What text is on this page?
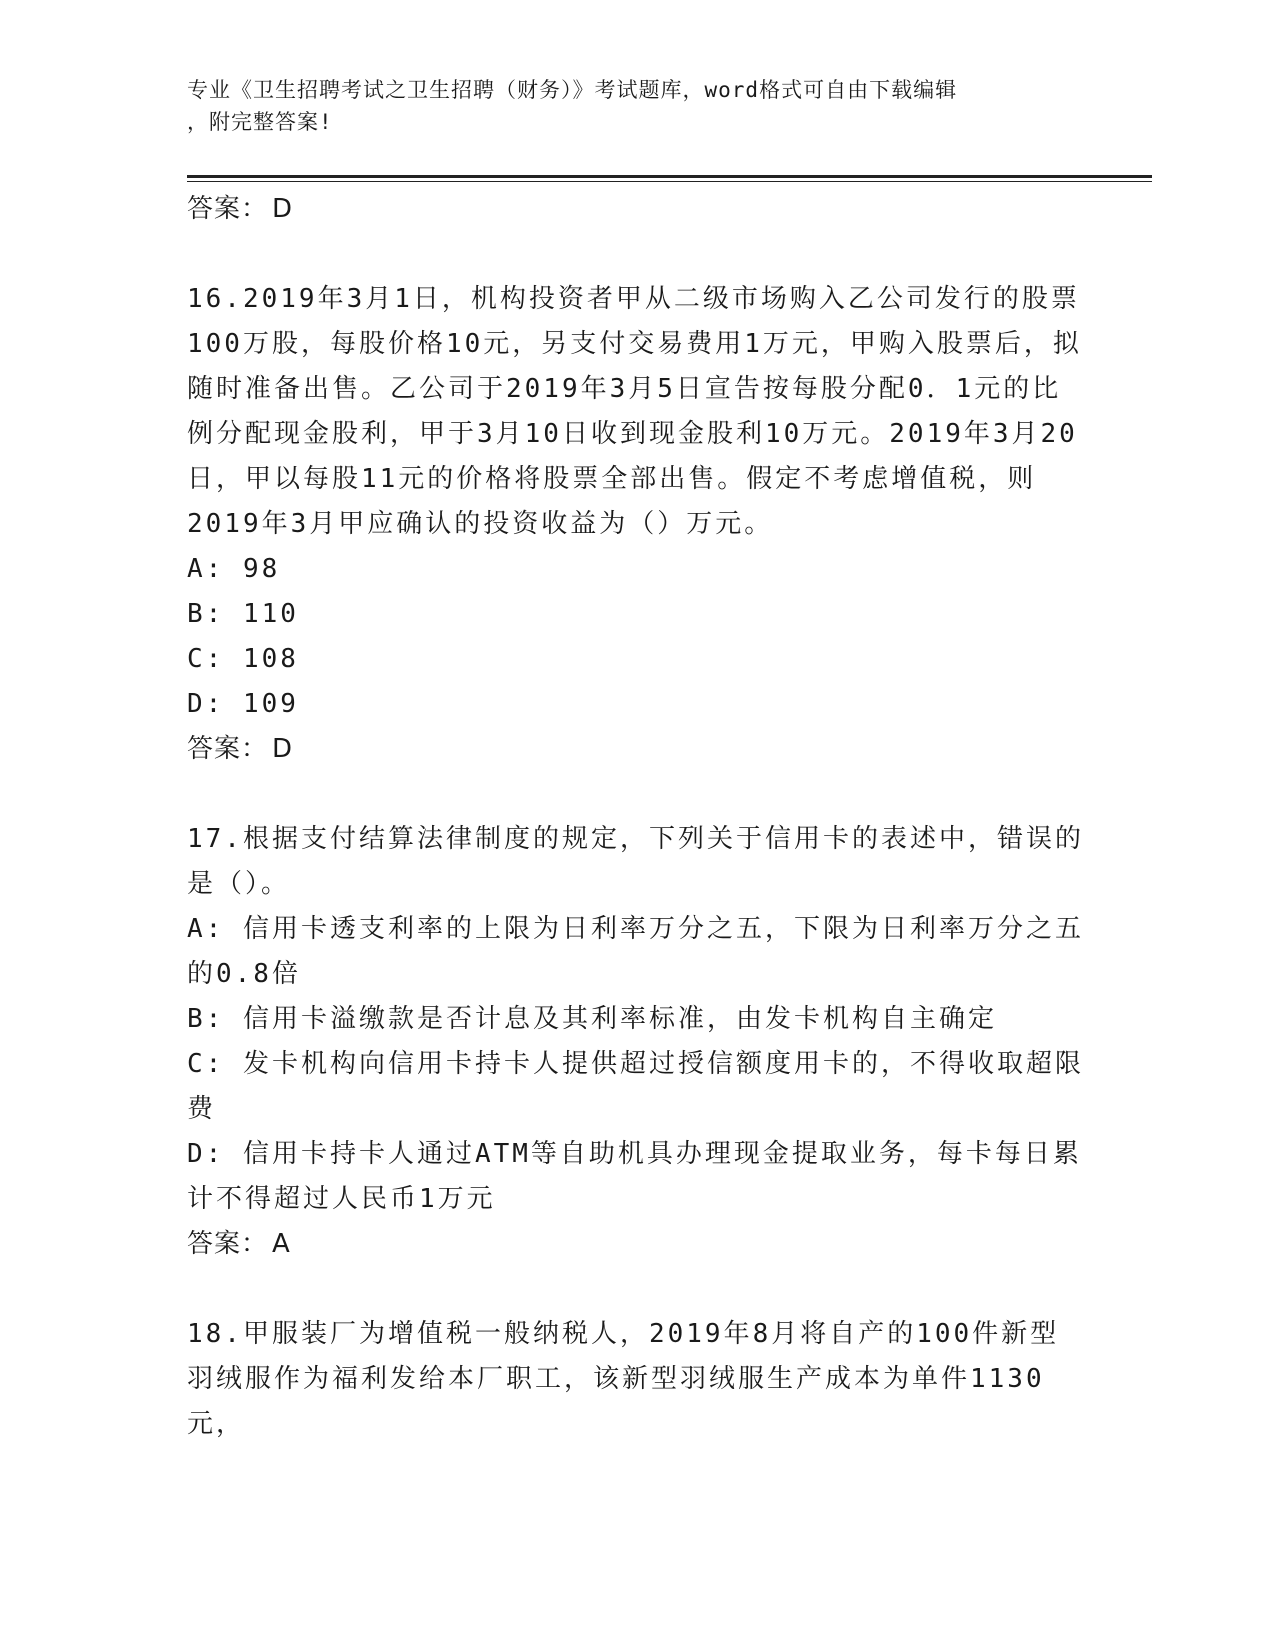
专业《卫生招聘考试之卫生招聘（财务）》考试题库，word格式可自由下载编辑
，附完整答案!
答案： D

16.2019年3月1日，机构投资者甲从二级市场购入乙公司发行的股票100万股，每股价格10元，另支付交易费用1万元，甲购入股票后，拟随时准备出售。乙公司于2019年3月5日宣告按每股分配0．1元的比例分配现金股利，甲于3月10日收到现金股利10万元。2019年3月20日，甲以每股11元的价格将股票全部出售。假定不考虑增值税，则2019年3月甲应确认的投资收益为（）万元。

A: 98

B: 110

C: 108

D: 109

答案： D

17.根据支付结算法律制度的规定，下列关于信用卡的表述中，错误的是（）。

A: 信用卡透支利率的上限为日利率万分之五，下限为日利率万分之五的0.8倍

B: 信用卡溢缴款是否计息及其利率标准，由发卡机构自主确定

C: 发卡机构向信用卡持卡人提供超过授信额度用卡的，不得收取超限费

D: 信用卡持卡人通过ATM等自助机具办理现金提取业务，每卡每日累计不得超过人民币1万元

答案： A

18.甲服装厂为增值税一般纳税人，2019年8月将自产的100件新型羽绒服作为福利发给本厂职工，该新型羽绒服生产成本为单件1130元，
